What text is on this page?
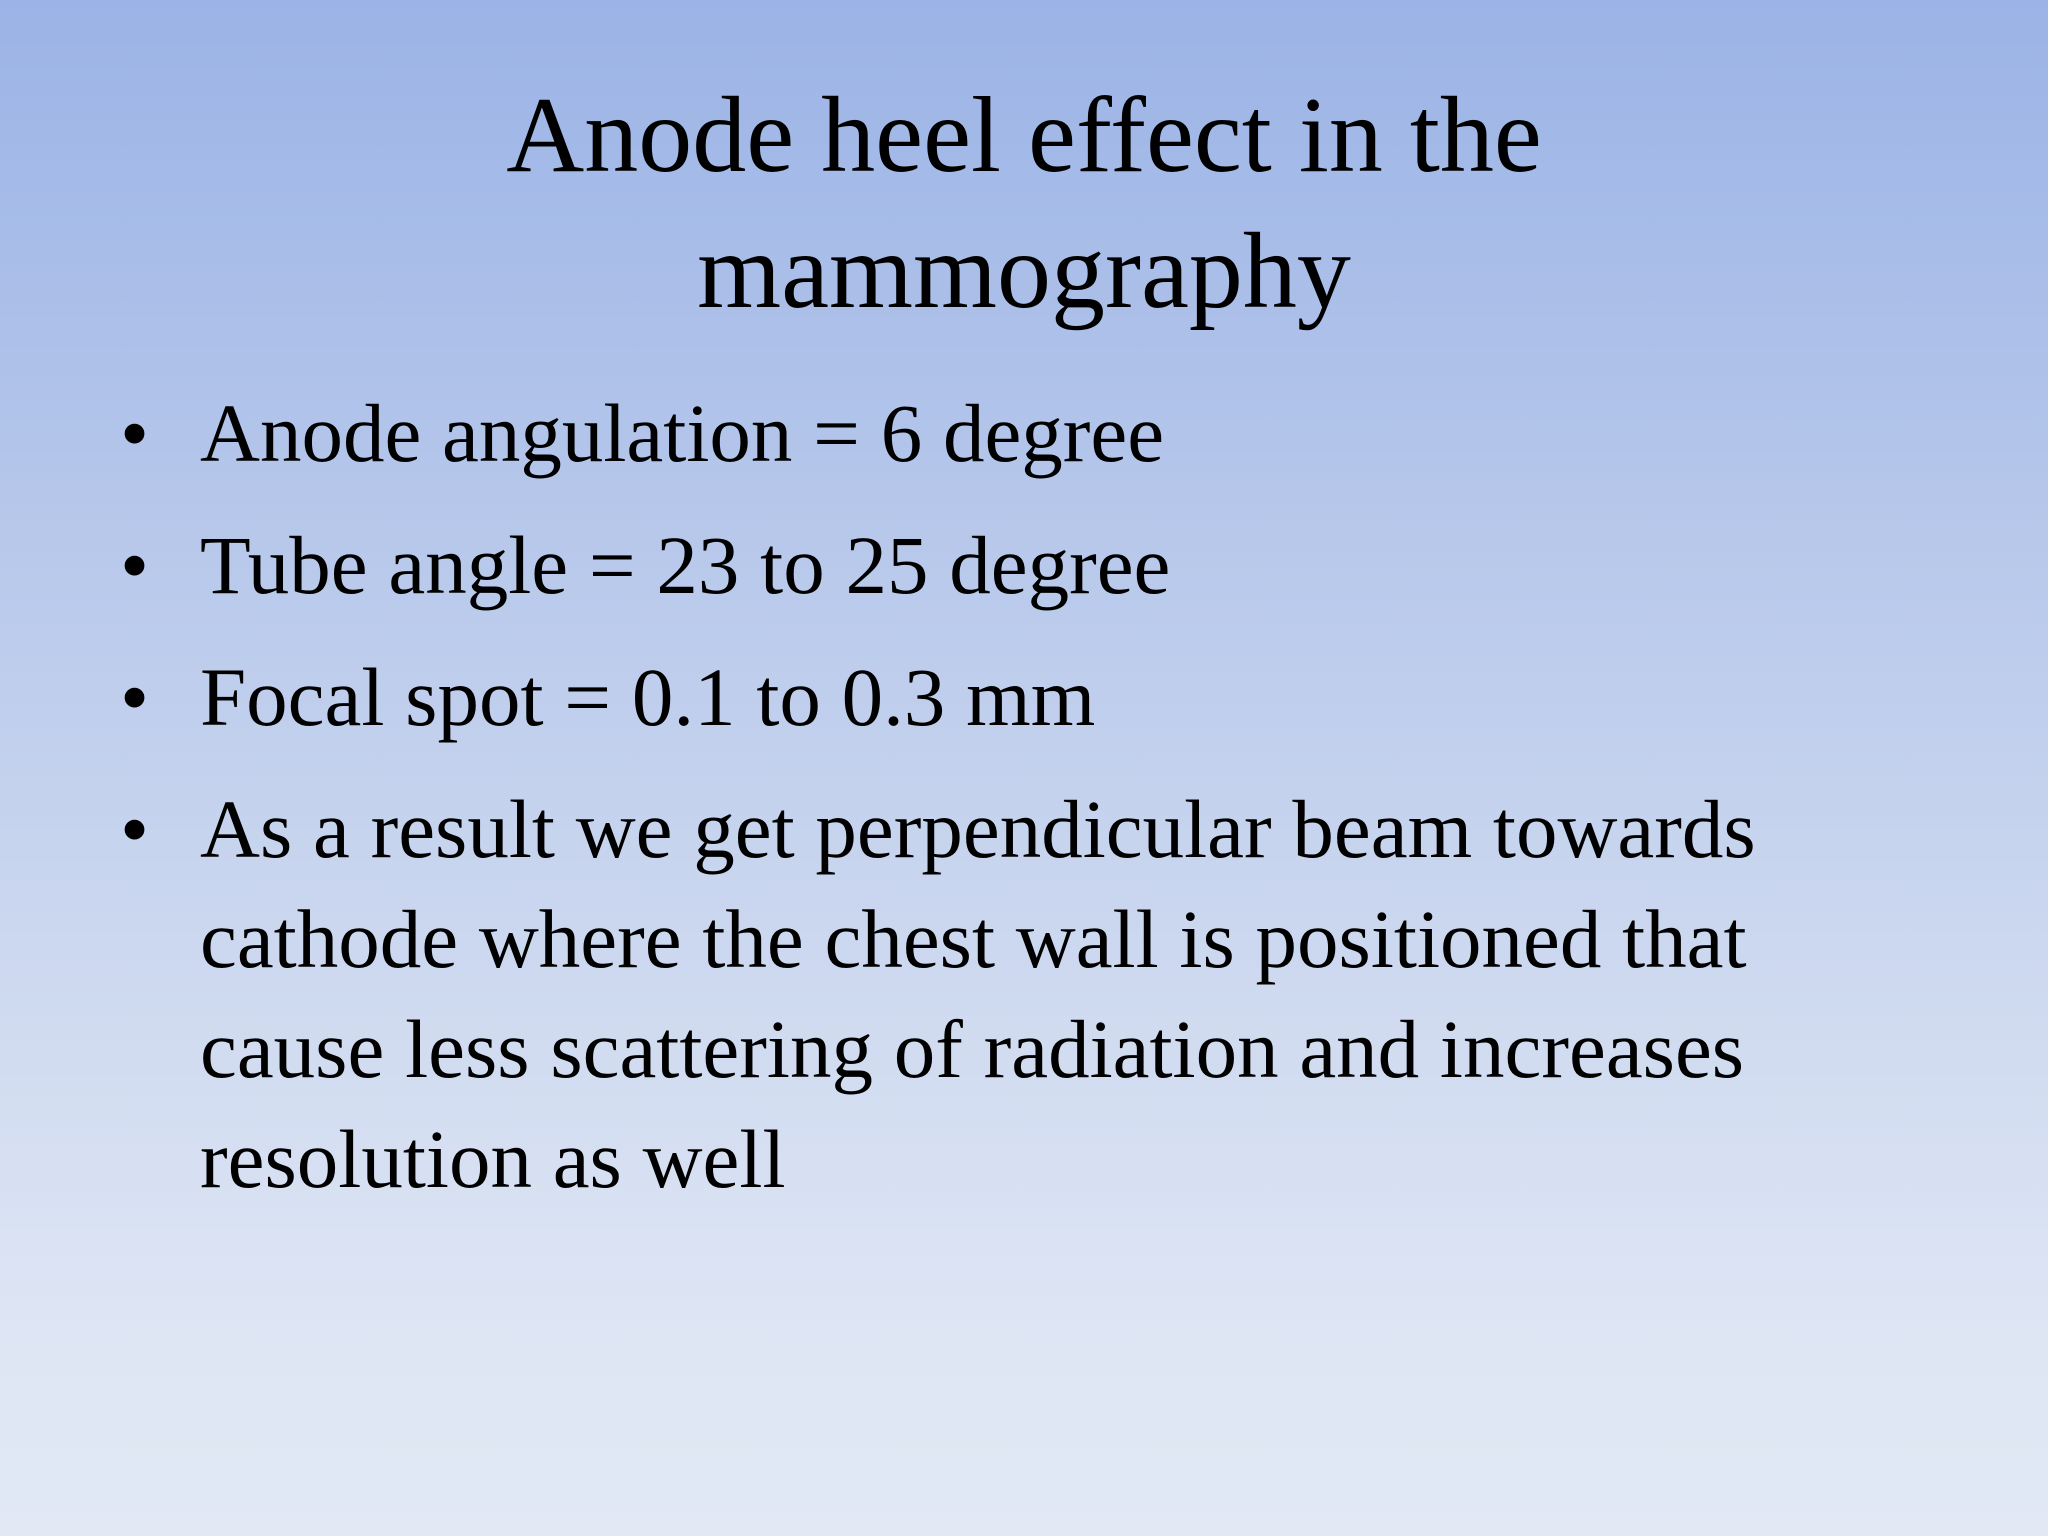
Anode heel effect in the
mammography
• Anode angulation = 6 degree
• Tube angle = 23 to 25 degree
• Focal spot = 0.1 to 0.3 mm
• As a result we get perpendicular beam towards cathode where the chest wall is positioned that cause less scattering of radiation and increases resolution as well
